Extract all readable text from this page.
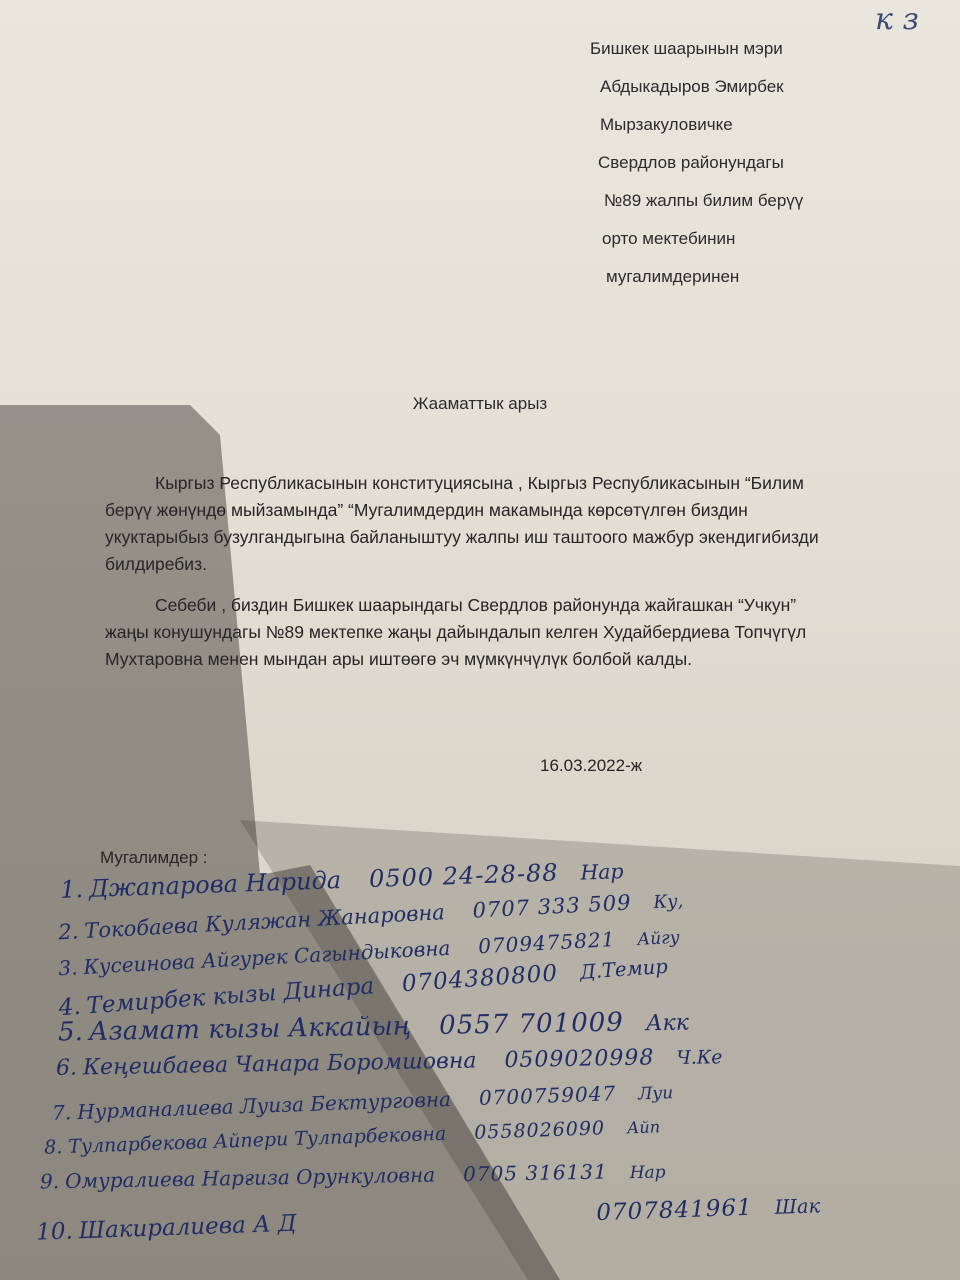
к з
Бишкек шаарынын мэри
Абдыкадыров Эмирбек
Мырзакуловичке
Свердлов районундагы
№89 жалпы билим берүү
орто мектебинин
мугалимдеринен
Жааматтык арыз

Кыргыз Республикасынын конституциясына , Кыргыз Республикасынын “Билим берүү жөнүндө мыйзамында” “Мугалимдердин макамында көрсөтүлгөн биздин укуктарыбыз бузулгандыгына байланыштуу жалпы иш таштоого мажбур экендигибизди билдиребиз.

Себеби , биздин Бишкек шаарындагы Свердлов районунда жайгашкан “Учкун” жаңы конушундагы №89 мектепке жаңы дайындалып келген Худайбердиева Топчүгүл Мухтаровна менен мындан ары иштөөгө эч мүмкүнчүлүк болбой калды.

16.03.2022-ж
Мугалимдер :
1. Джапарова Нарида 0500 24-28-88 Нар
2. Токобаева Куляжан Жанаровна 0707 333 509 Ку,
3. Кусеинова Айгурек Сагындыковна 0709475821 Айгу
4. Темирбек кызы Динара 0704380800 Д.Темир
5. Азамат кызы Аккайың 0557 701009 Акк
6. Кеңешбаева Чанара Боромшовна 0509020998 Ч.Ке
7. Нурманалиева Луиза Бектурговна 0700759047 Луи
8. Тулпарбекова Айпери Тулпарбековна 0558026090 Айп
9. Омуралиева Нарғиза Орункуловна 0705 316131 Нар
10. Шакиралиева А Д0707841961 Шак
